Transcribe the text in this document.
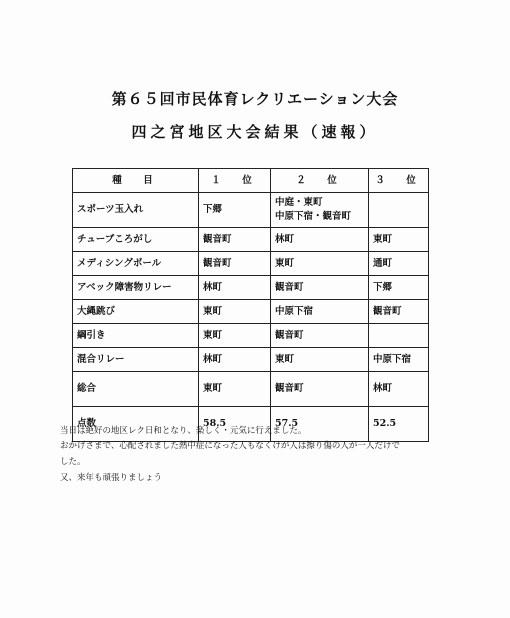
第６５回市民体育レクリエーション大会
四之宮地区大会結果（速報）
種　目	１　位	２　位	３　位
スポーツ玉入れ	下郷	中庭・東町
中原下宿・観音町	

チューブころがし	観音町	林町	東町
メディシングボール	観音町	東町	通町
アベック障害物リレー	林町	観音町	下郷
大縄跳び	東町	中原下宿	観音町
綱引き	東町	観音町	
混合リレー	林町	東町	中原下宿
総合	東町	観音町	林町
点数	58.5	57.5	52.5
当日は絶好の地区レク日和となり、楽しく・元気に行えました。
おかげさまで、心配されました熱中症になった人もなくけが人は擦り傷の人が一人だけで
した。
又、来年も頑張りましょう
